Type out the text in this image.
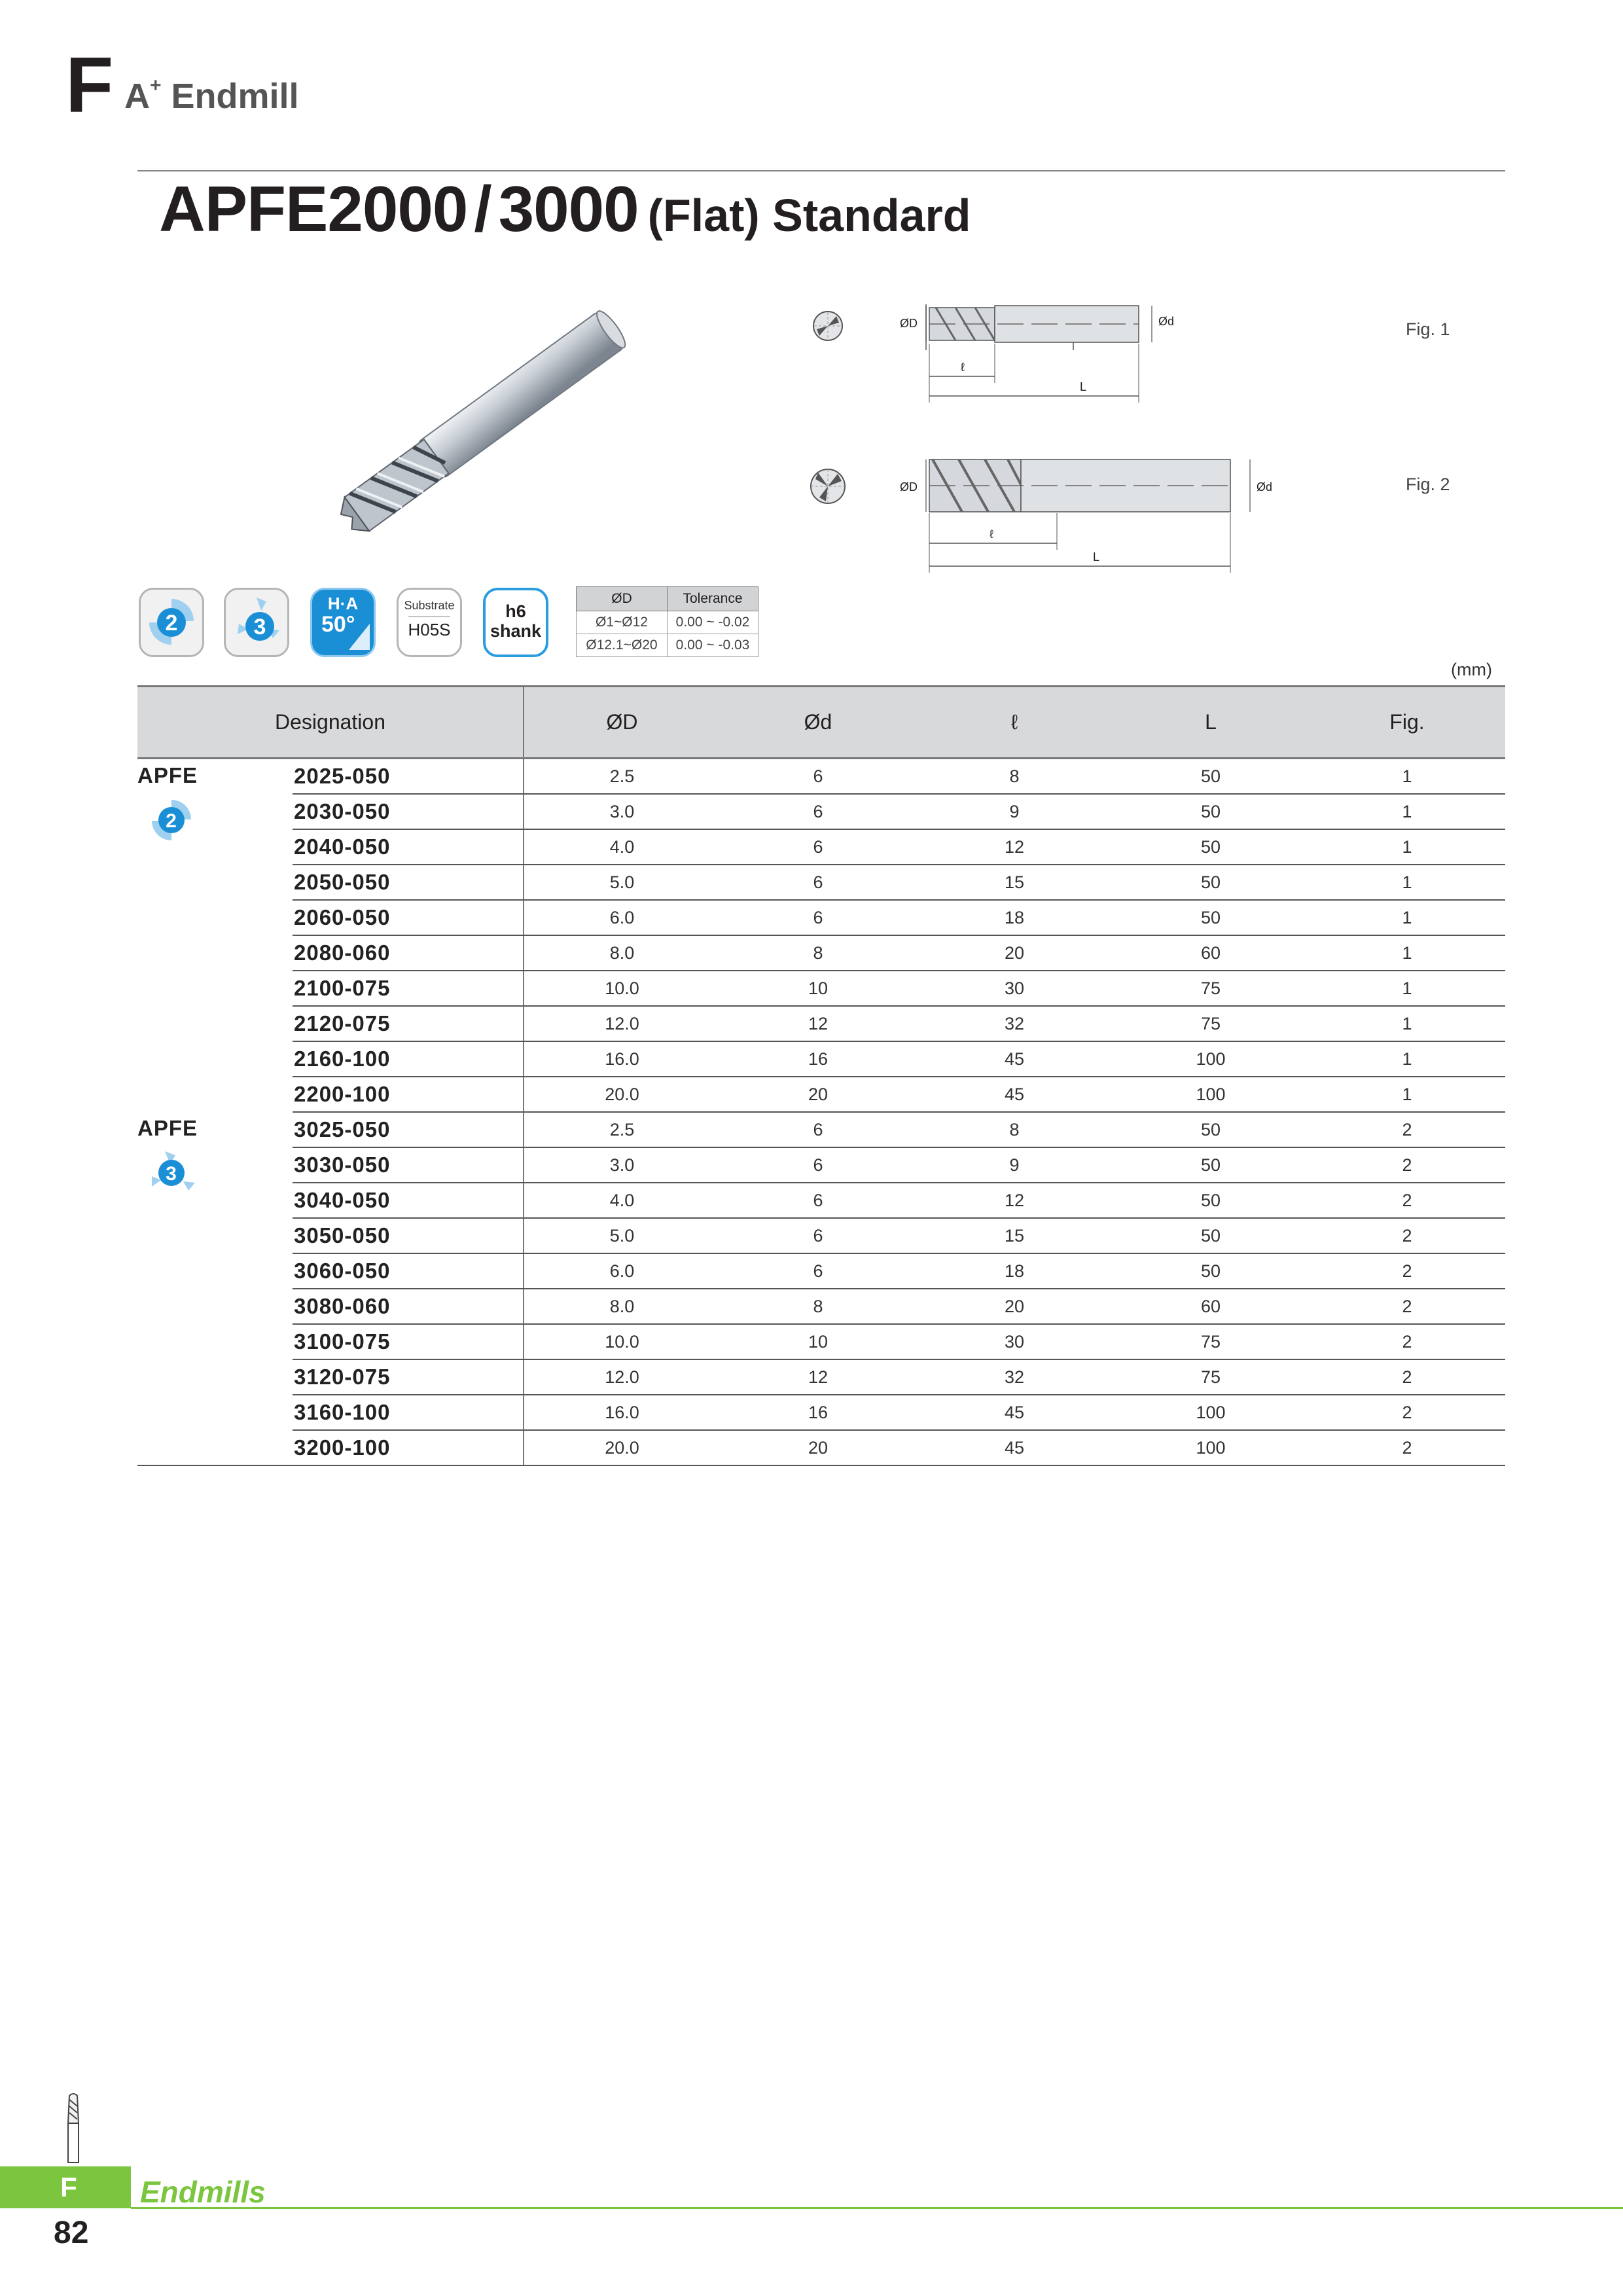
F A+ Endmill
APFE2000 / 3000 (Flat) Standard
ØD	Ød
ℓ
L
Fig. 1
ØD	Ød
ℓ
L
Fig. 2
2	3
H·A
50°
Substrate
H05S
h6
shank
ØD	Tolerance
Ø1~Ø12	0.00 ~ -0.02
Ø12.1~Ø20	0.00 ~ -0.03
(mm)
Designation		ØD	Ød	ℓ	L	Fig.
APFE
2	2025-050	2.5	6	8	50	1
	2030-050	3.0	6	9	50	1
	2040-050	4.0	6	12	50	1
	2050-050	5.0	6	15	50	1
	2060-050	6.0	6	18	50	1
	2080-060	8.0	8	20	60	1
	2100-075	10.0	10	30	75	1
	2120-075	12.0	12	32	75	1
	2160-100	16.0	16	45	100	1
	2200-100	20.0	20	45	100	1
APFE
3	3025-050	2.5	6	8	50	2
	3030-050	3.0	6	9	50	2
	3040-050	4.0	6	12	50	2
	3050-050	5.0	6	15	50	2
	3060-050	6.0	6	18	50	2
	3080-060	8.0	8	20	60	2
	3100-075	10.0	10	30	75	2
	3120-075	12.0	12	32	75	2
	3160-100	16.0	16	45	100	2
	3200-100	20.0	20	45	100	2
F	Endmills
82
